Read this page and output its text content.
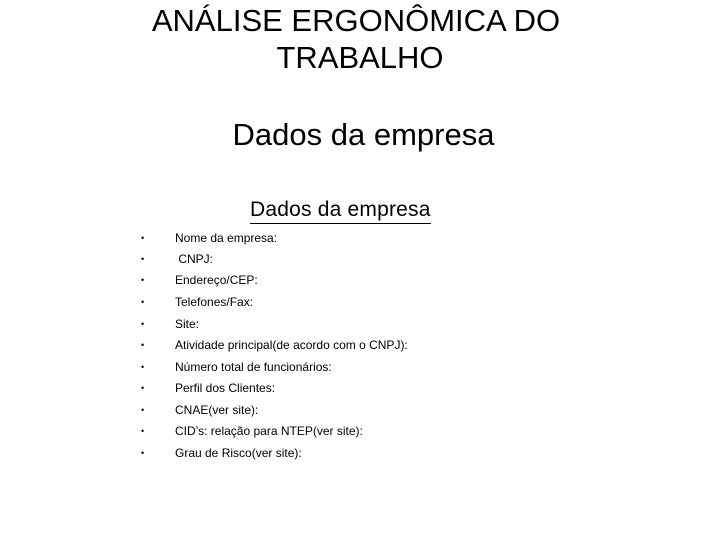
ANÁLISE ERGONÔMICA DO
TRABALHO
Dados da empresa
Dados da empresa
•	Nome da empresa:
•	CNPJ:
•	Endereço/CEP:
•	Telefones/Fax:
•	Site:
•	Atividade principal(de acordo com o CNPJ):
•	Número total de funcionários:
•	Perfil dos Clientes:
•	CNAE(ver site):
•	CID’s: relação para NTEP(ver site):
•	Grau de Risco(ver site):
